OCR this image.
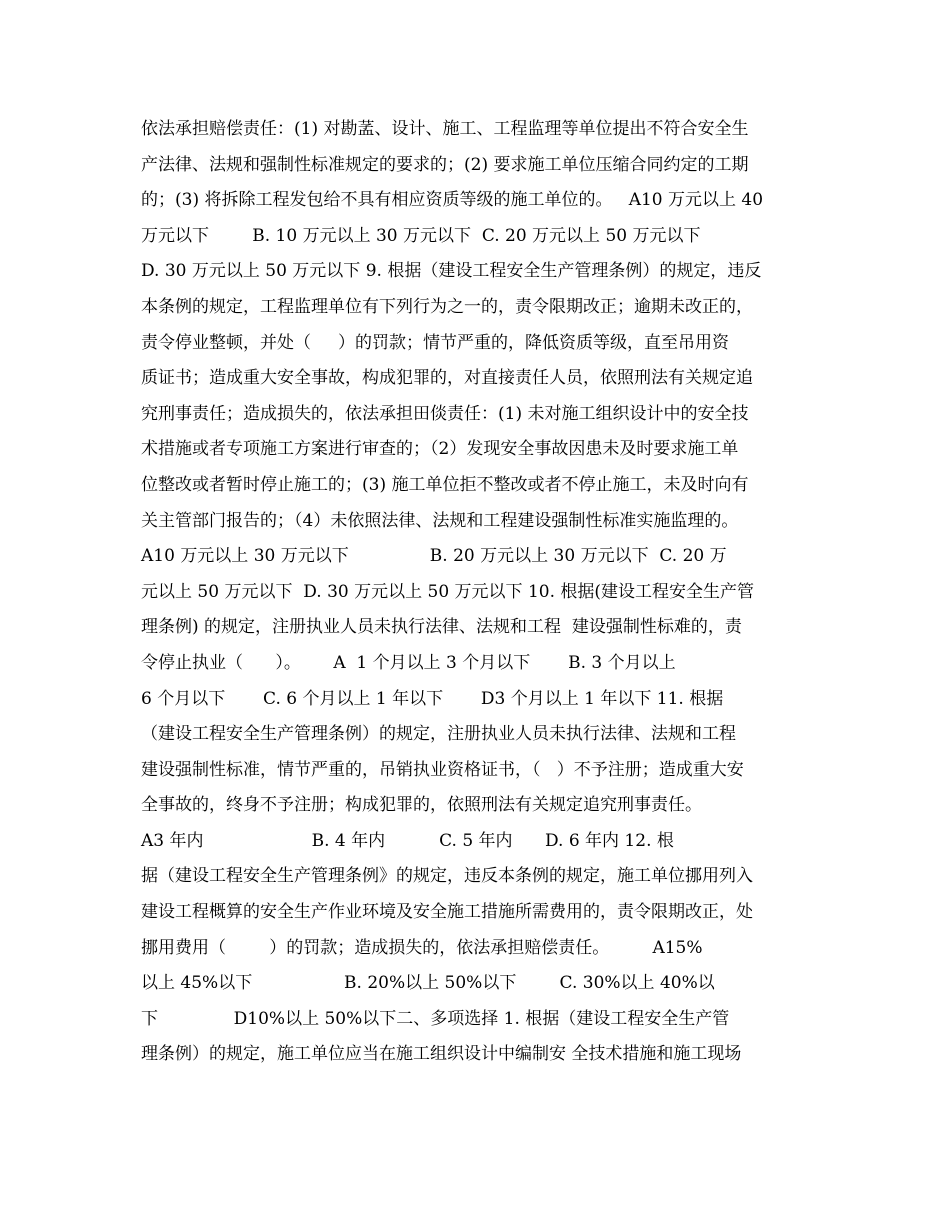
依法承担赔偿责任：(1) 对勘䓝、设计、施工、工程监理等单位提出不符合安全生
产法律、法规和强制性标准规定的要求的；(2) 要求施工单位压缩合同约定的工期
的；(3) 将拆除工程发包给不具有相应资质等级的施工单位的。   A10 万元以上 40
万元以下        B. 10 万元以上 30 万元以下  C. 20 万元以上 50 万元以下
D. 30 万元以上 50 万元以下 9. 根据（建设工程安全生产管理条例）的规定，违反
本条例的规定，工程监理单位有下列行为之一的，责令限期改正；逾期未改正的，
责令停业整顿，并处（     ）的罚款；情节严重的，降低资质等级，直至吊用资
质证书；造成重大安全事故，构成犯罪的，对直接责任人员，依照刑法有关规定追
究刑事责任；造成损失的，依法承担田倓责任：(1) 未对施工组织设计中的安全技
术措施或者专项施工方案进行审查的；（2）发现安全事故因患未及时要求施工单
位整改或者暂时停止施工的；(3) 施工单位拒不整改或者不停止施工，未及时向有
关主管部门报告的；（4）未依照法律、法规和工程建设强制性标准实施监理的。
A10 万元以上 30 万元以下               B. 20 万元以上 30 万元以下  C. 20 万
元以上 50 万元以下  D. 30 万元以上 50 万元以下 10. 根据(建设工程安全生产管
理条例) 的规定，注册执业人员未执行法律、法规和工程  建设强制性标难的，责
令停止执业（      ）。      A  1 个月以上 3 个月以下       B. 3 个月以上
6 个月以下       C. 6 个月以上 1 年以下       D3 个月以上 1 年以下 11. 根据
（建设工程安全生产管理条例）的规定，注册执业人员未执行法律、法规和工程
建设强制性标准，情节严重的，吊销执业资格证书，（   ）不予注册；造成重大安
全事故的，终身不予注册；构成犯罪的，依照刑法有关规定追究刑事责任。
A3 年内                    B. 4 年内          C. 5 年内      D. 6 年内 12. 根
据（建设工程安全生产管理条例》的规定，违反本条例的规定，施工单位挪用列入
建设工程概算的安全生产作业环境及安全施工措施所需费用的，责令限期改正，处
挪用费用（        ）的罚款；造成损失的，依法承担赔偿责任。        A15%
以上 45%以下                 B. 20%以上 50%以下        C. 30%以上 40%以
下              D10%以上 50%以下二、多项选择 1. 根据（建设工程安全生产管
理条例）的规定，施工单位应当在施工组织设计中编制安 全技术措施和施工现场
